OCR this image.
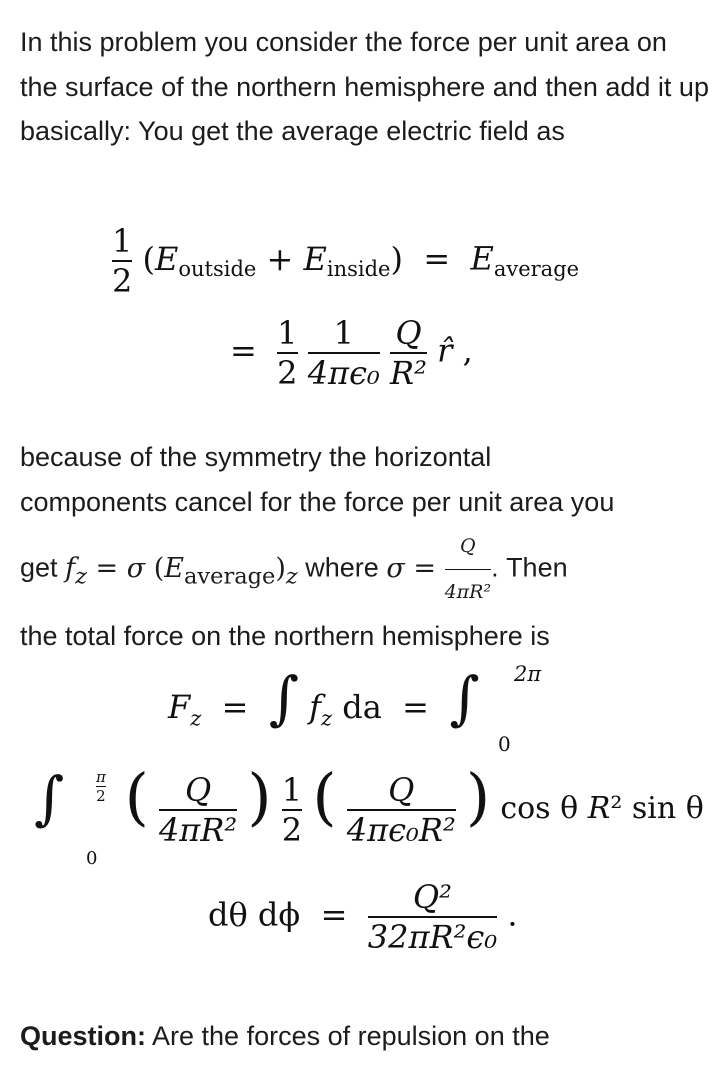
In this problem you consider the force per unit area on the surface of the northern hemisphere and then add it up basically: You get the average electric field as
$\frac{1}{2}$ (Eoutside + Einside)  =  Eaverage
= $\frac{1}{2}$
$\frac{1}{\text{4πϵ₀}}$
$\frac{Q}{\text{R²}}$ r̂ ,
because of the symmetry the horizontal
components cancel for the force per unit area you
get $f_z = \sigma$ $(E_{average})_z$ where $\sigma = \frac{Q}{\text{4πR²}}$ . Then
the total force on the northern hemisphere is
$F_z$  =  ∫ $f_z$ da  =  ∫ 2π
0
∫ π
2
0
( $\frac{Q}{\text{4πR²}}$ ) $\frac{1}{2}$ ( $\frac{Q}{\text{4πϵ₀R²}}$ ) cos θ R² sin θ
dθ $d\phi = \frac{\text{Q²}}{\text{32πR²ϵ₀}}$ .
Question: Are the forces of repulsion on the
